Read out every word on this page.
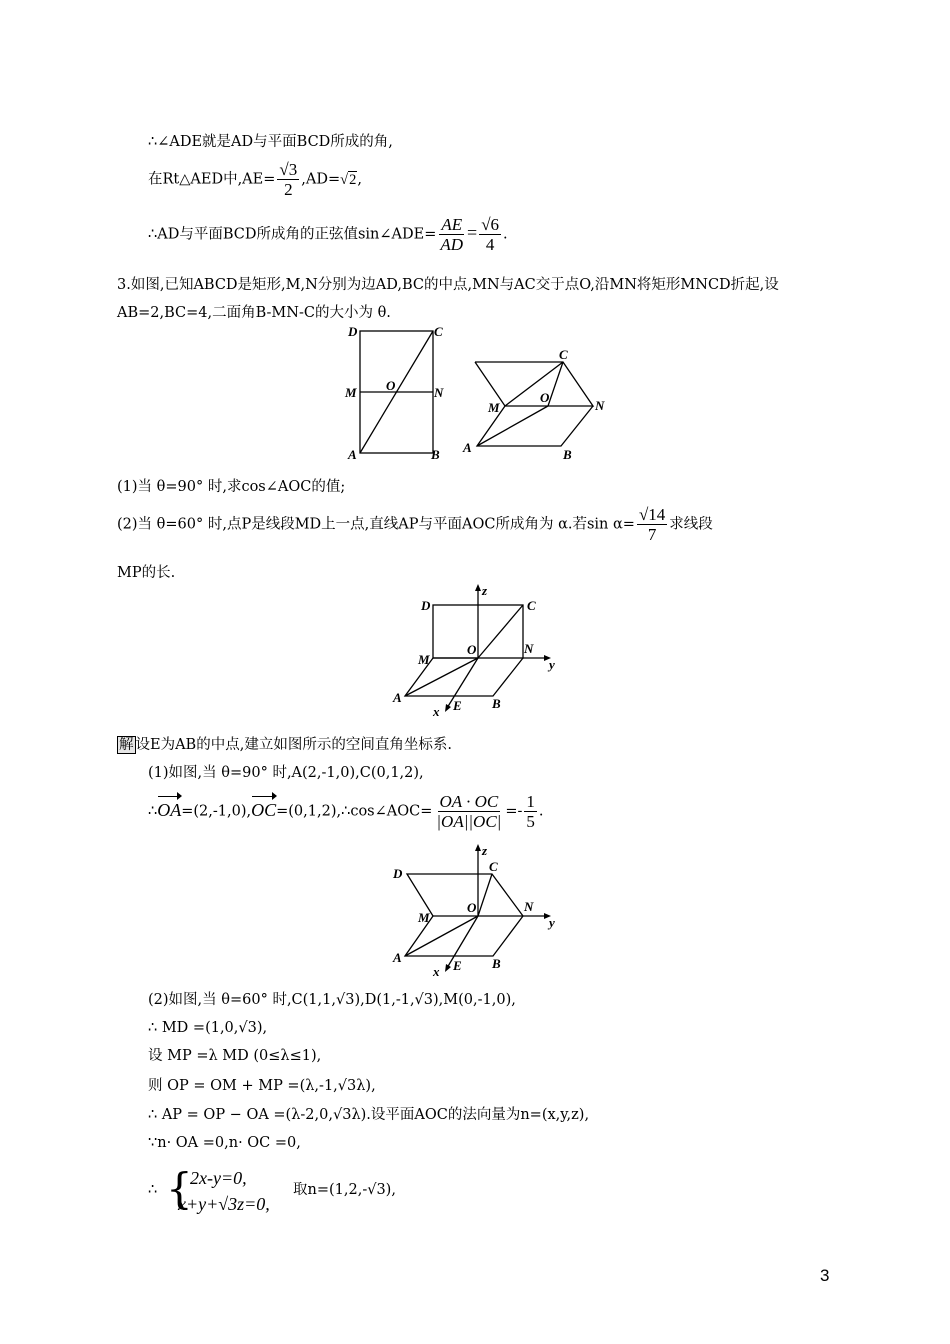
∴∠ADE就是AD与平面BCD所成的角,
在Rt△AED中$,AE= \frac{√3}{2} ,AD=√2$,
∴AD与平面BCD所成角的正弦值sin∠ADE= $\frac{AE}{AD} = \frac{√6}{4}$ .
3.如图,已知ABCD是矩形,M,N分别为边AD,BC的中点,MN与AC交于点O,沿MN将矩形MNCD折起,设
AB=2,BC=4,二面角B-MN-C的大小为 θ.
D	C
M O	N
A	B
C
M
O
N
A	B
(1)当 θ=90° 时,求cos∠AOC的值;
(2)当 θ=60° 时,点P是线段MD上一点,直线AP与平面AOC所成角为 α.若$\sin \alpha= \frac{√14}{7}$ 求线段
MP的长.
D	C
M
O	N
A	B
E
x
y
z
解 设E为AB的中点,建立如图所示的空间直角坐标系.
(1)如图,当 θ=90° 时,A(2,-1,0),C(0,1,2),
∴OA=(2,-1,0),OC=(0,1,2),∴cos∠AOC= $\frac{OA \cdot OC}{|OA||OC|} =- \frac{1}{5}$ .
D	C
M
O	N
A	B
E
x
y
z
(2)如图,当 θ=60° 时,C(1,1,√3),D(1,-1,√3),M(0,-1,0),
∴ MD =(1,0,√3),
设 MP =λ MD (0≤λ≤1),
则 OP = OM + MP =(λ,-1,√3λ),
∴ AP = OP − OA =(λ-2,0,√3λ).设平面AOC的法向量为n=(x,y,z),
∵n· OA =0,n· OC =0,
∴ {
2x-y=0,
x+y+√3z=0,
取n=(1,2,-√3),
3
